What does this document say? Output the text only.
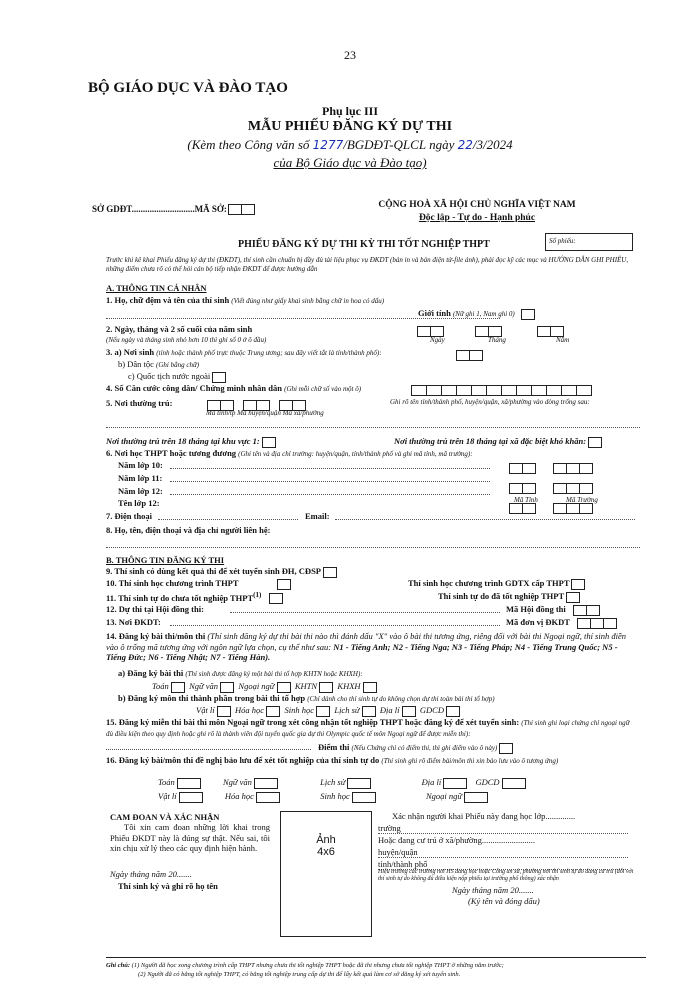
23
BỘ GIÁO DỤC VÀ ĐÀO TẠO
Phụ lục III
MẪU PHIẾU ĐĂNG KÝ DỰ THI
(Kèm theo Công văn số 1277/BGDĐT-QLCL ngày 22/3/2024
của Bộ Giáo dục và Đào tạo)
SỞ GDĐT............................MÃ SỞ:	CỘNG HOÀ XÃ HỘI CHỦ NGHĨA VIỆT NAM
Độc lập - Tự do - Hạnh phúc
PHIẾU ĐĂNG KÝ DỰ THI KỲ THI TỐT NGHIỆP THPT	Số phiếu:
Trước khi kê khai Phiếu đăng ký dự thi (ĐKDT), thí sinh cần chuẩn bị đầy đủ tài liệu phục vụ ĐKDT (bản in và bản điện tử-file ảnh), phải đọc kỹ các mục và HƯỚNG DẪN GHI PHIẾU, những điểm chưa rõ có thể hỏi cán bộ tiếp nhận ĐKDT để được hướng dẫn
A. THÔNG TIN CÁ NHÂN
1. Họ, chữ đệm và tên của thí sinh (Viết đúng như giấy khai sinh bằng chữ in hoa có dấu)
Giới tính (Nữ ghi 1, Nam ghi 0)
2. Ngày, tháng và 2 số cuối của năm sinh
(Nếu ngày và tháng sinh nhỏ hơn 10 thì ghi số 0 ở ô đầu)

	Ngày	Tháng	Năm
3. a) Nơi sinh (tỉnh hoặc thành phố trực thuộc Trung ương; sau đây viết tắt là tỉnh/thành phố):
b) Dân tộc (Ghi bằng chữ)
c) Quốc tịch nước ngoài
4. Số Căn cước công dân/ Chứng minh nhân dân (Ghi mỗi chữ số vào một ô)
5. Nơi thường trú:

	Ghi rõ tên tỉnh/thành phố, huyện/quận, xã/phường vào dòng trống sau:
Mã tỉnh/tp Mã huyện/quận Mã xã/phường
Nơi thường trú trên 18 tháng tại khu vực 1:	Nơi thường trú trên 18 tháng tại xã đặc biệt khó khăn:
6. Nơi học THPT hoặc tương đương (Ghi tên và địa chỉ trường: huyện/quận, tỉnh/thành phố và ghi mã tỉnh, mã trường):
Năm lớp 10:
Năm lớp 11:
Năm lớp 12:
Tên lớp 12:	Mã Tỉnh	Mã Trường
7. Điện thoại	Email:
8. Họ, tên, điện thoại và địa chỉ người liên hệ:
B. THÔNG TIN ĐĂNG KÝ THI
9. Thí sinh có dùng kết quả thi để xét tuyển sinh ĐH, CĐSP
10. Thí sinh học chương trình THPT	Thí sinh học chương trình GDTX cấp THPT
11. Thí sinh tự do chưa tốt nghiệp THPT$^{(1)}$	Thí sinh tự do đã tốt nghiệp THPT
12. Dự thi tại Hội đồng thi:	Mã Hội đồng thi
13. Nơi ĐKDT:	Mã đơn vị ĐKDT
14. Đăng ký bài thi/môn thi (Thí sinh đăng ký dự thi bài thi nào thì đánh dấu "X" vào ô bài thi tương ứng, riêng đối với bài thi Ngoại ngữ, thí sinh điền vào ô trống mã tương ứng với ngôn ngữ lựa chọn, cụ thể như sau: N1 - Tiếng Anh; N2 - Tiếng Nga; N3 - Tiếng Pháp; N4 - Tiếng Trung Quốc; N5 - Tiếng Đức; N6 - Tiếng Nhật; N7 - Tiếng Hàn).
a) Đăng ký bài thi (Thí sinh được đăng ký một bài thi tổ hợp KHTN hoặc KHXH):
Toán Ngữ văn Ngoại ngữ KHTN KHXH
b) Đăng ký môn thi thành phần trong bài thi tổ hợp (Chỉ dành cho thí sinh tự do không chọn dự thi toàn bài thi tổ hợp)
Vật lí Hóa học Sinh học Lịch sử Địa lí GDCD
15. Đăng ký miễn thi bài thi môn Ngoại ngữ trong xét công nhận tốt nghiệp THPT hoặc đăng ký để xét tuyển sinh: (Thí sinh ghi loại chứng chỉ ngoại ngữ đủ điều kiện theo quy định hoặc ghi rõ là thành viên đội tuyển quốc gia dự thi Olympic quốc tế môn Ngoại ngữ để được miễn thi):
Điểm thi (Nếu Chứng chỉ có điểm thi, thì ghi điểm vào ô này)
16. Đăng ký bài/môn thi đề nghị bảo lưu để xét tốt nghiệp của thí sinh tự do (Thí sinh ghi rõ điểm bài/môn thi xin bảo lưu vào ô tương ứng)
Toán	Ngữ văn	Lịch sử	Địa lí	GDCD
Vật lí	Hóa học	Sinh học	Ngoại ngữ
CAM ĐOAN VÀ XÁC NHẬN
Tôi xin cam đoan những lời khai trong Phiếu ĐKDT này là đúng sự thật. Nếu sai, tôi xin chịu xử lý theo các quy định hiện hành.
Ngày tháng năm 20.......
Thí sinh ký và ghi rõ họ tên
Ảnh
4x6
Xác nhận người khai Phiếu này đang học lớp..............
trường
Hoặc đang cư trú ở xã/phường.........................
huyện/quận
tỉnh/thành phố
Hiệu trưởng các trường nơi HS đang học hoặc Công an xã, phường nơi thí sinh tự do đang cư trú (đối với thí sinh tự do không đủ điều kiện nộp phiếu tại trường phổ thông) xác nhận
Ngày tháng năm 20.......
(Ký tên và đóng dấu)
Ghi chú: (1) Người đã học xong chương trình cấp THPT nhưng chưa thi tốt nghiệp THPT hoặc đã thi nhưng chưa tốt nghiệp THPT ở những năm trước;
(2) Người đã có bằng tốt nghiệp THPT, có bằng tốt nghiệp trung cấp dự thi để lấy kết quả làm cơ sở đăng ký xét tuyển sinh.
